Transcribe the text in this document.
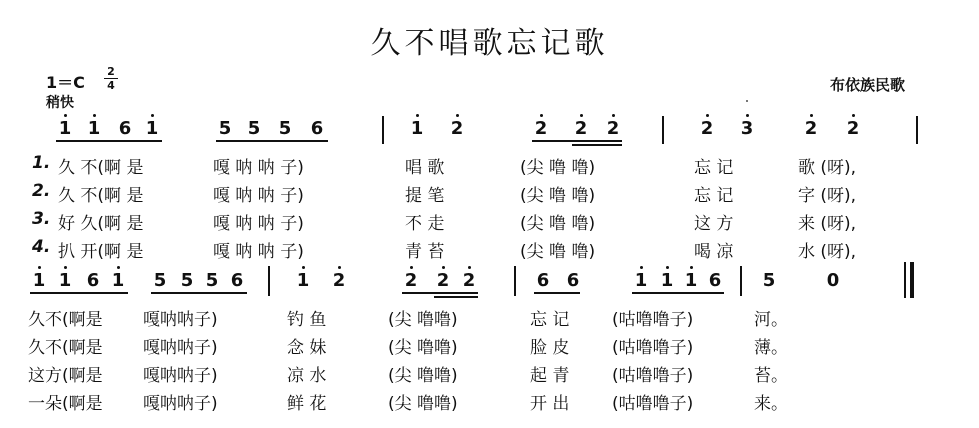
久不唱歌忘记歌
1＝C
2
4
稍快
布依族民歌
1 1 6 1	5 5 5 6	1 2	2 2 2	2 3	2 2
1. 久 不(啊 是	嘎 呐 呐 子)	唱 歌	(尖 噜 噜)	忘 记	歌 (呀),
2. 久 不(啊 是	嘎 呐 呐 子)	提 笔	(尖 噜 噜)	忘 记	字 (呀),
3. 好 久(啊 是	嘎 呐 呐 子)	不 走	(尖 噜 噜)	这 方	来 (呀),
4. 扒 开(啊 是	嘎 呐 呐 子)	青 苔	(尖 噜 噜)	喝 凉	水 (呀),
1 1 6 1 5 5 5 6	1 2	2 2 2	6 6	1 1 1 6 5	0
久不(啊是 嘎呐呐子)	钓 鱼	(尖 噜噜)	忘 记	(咕噜噜子)	河。
久不(啊是 嘎呐呐子)	念 妹	(尖 噜噜)	脸 皮	(咕噜噜子)	薄。
这方(啊是 嘎呐呐子)	凉 水	(尖 噜噜)	起 青	(咕噜噜子)	苔。
一朵(啊是 嘎呐呐子)	鲜 花	(尖 噜噜)	开 出	(咕噜噜子)	来。
